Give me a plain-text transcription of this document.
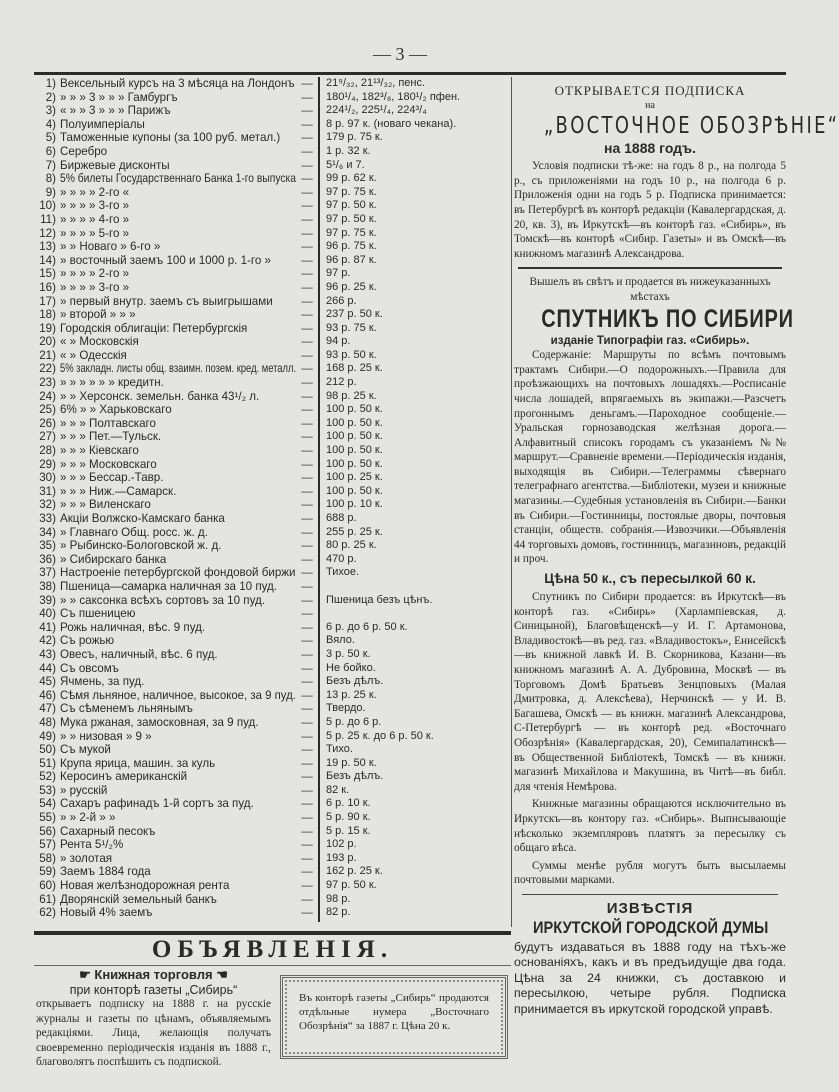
— 3 —
1) Вексельный курсъ на 3 мѣсяца на Лондонъ —	21⁹/₃₂, 21¹³/₃₂, пенс.
2) » » » 3 » » » Гамбургъ	—	180¹/₄, 182³/₈, 180¹/₂ пфен.
3) « » » 3 » » » Парижъ	—	224¹/₂, 225¹/₄, 224³/₄
4) Полуимперіалы	—	8 р. 97 к. (новаго чекана).
5) Таможенные купоны (за 100 руб. метал.)	—	179 р. 75 к.
6) Серебро	—	1 р. 32 к.
7) Биржевые дисконты	—	5¹/₆ и 7.
8) 5% билеты Государственнаго Банка 1-го выпуска —	99 р. 62 к.
9) » » » » 2-го «	—	97 р. 75 к.
10) » » » » 3-го »	—	97 р. 50 к.
11) » » » » 4-го »	—	97 р. 50 к.
12) » » » » 5-го »	—	97 р. 75 к.
13) » » Новаго » 6-го »	—	96 р. 75 к.
14) » восточный заемъ 100 и 1000 р. 1-го »	—	96 р. 87 к.
15) » » » » 2-го »	—	97 р.
16) » » » » 3-го »	—	96 р. 25 к.
17) » первый внутр. заемъ съ выигрышами	—	266 р.
18) » второй » » »	—	237 р. 50 к.
19) Городскія облигаціи: Петербургскія	—	93 р. 75 к.
20) « » Московскія	—	94 р.
21) « » Одесскія	—	93 р. 50 к.
22) 5% закладн. листы общ. взаимн. позем. кред. металл. —	168 р. 25 к.
23) » » » » » » кредитн.	—	212 р.
24) » » Херсонск. земельн. банка 43¹/₂ л.	—	98 р. 25 к.
25) 6% » » Харьковскаго	—	100 р. 50 к.
26) » » » Полтавскаго	—	100 р. 50 к.
27) » » » Пет.—Тульск.	—	100 р. 50 к.
28) » » » Кіевскаго	—	100 р. 50 к.
29) » » » Московскаго	—	100 р. 50 к.
30) » » » Бессар.-Тавр.	—	100 р. 25 к.
31) » » » Ниж.—Самарск.	—	100 р. 50 к.
32) » » » Виленскаго	—	100 р. 10 к.
33) Акціи Волжско-Камскаго банка	—	688 р.
34) » Главнаго Общ. росс. ж. д.	—	255 р. 25 к.
35) » Рыбинско-Бологовской ж. д.	—	80 р. 25 к.
36) » Сибирскаго банка	—	470 р.
37) Настроеніе петербургской фондовой биржи —	Тихое.
38) Пшеница—самарка наличная за 10 пуд.	—
39) » » саксонка всѣхъ сортовъ за 10 пуд.	—	Пшеница безъ цѣнъ.
40) Съ пшеницею	—
41) Рожь наличная, вѣс. 9 пуд.	—	6 р. до 6 р. 50 к.
42) Съ рожью	—	Вяло.
43) Овесъ, наличный, вѣс. 6 пуд.	—	3 р. 50 к.
44) Съ овсомъ	—	Не бойко.
45) Ячмень, за пуд.	—	Безъ дѣлъ.
46) Сѣмя льняное, наличное, высокое, за 9 пуд. —	13 р. 25 к.
47) Съ сѣменемъ льнянымъ	—	Твердо.
48) Мука ржаная, замосковная, за 9 пуд.	—	5 р. до 6 р.
49) » » низовая » 9 »	—	5 р. 25 к. до 6 р. 50 к.
50) Съ мукой	—	Тихо.
51) Крупа ярица, машин. за куль	—	19 р. 50 к.
52) Керосинъ американскій	—	Безъ дѣлъ.
53) » русскій	—	82 к.
54) Сахаръ рафинадъ 1-й сортъ за пуд.	—	6 р. 10 к.
55) » » 2-й » »	—	5 р. 90 к.
56) Сахарный песокъ	—	5 р. 15 к.
57) Рента 5¹/₂%	—	102 р.
58) » золотая	—	193 р.
59) Заемъ 1884 года	—	162 р. 25 к.
60) Новая желѣзнодорожная рента	—	97 р. 50 к.
61) Дворянскій земельный банкъ	—	98 р.
62) Новый 4% заемъ	—	82 р.
ОТКРЫВАЕТСЯ ПОДПИСКА
на
„ВОСТОЧНОЕ ОБОЗРѢНІЕ“
на 1888 годъ.

Условія подписки тѣ-же: на годъ 8 р., на полгода 5 р., съ приложеніями на годъ 10 р., на полгода 6 р. Приложенія одни на годъ 5 р. Подписка принимается: въ Петербургѣ въ конторѣ редакціи (Кавалергардская, д. 20, кв. 3), въ Иркутскѣ—въ конторѣ газ. «Сибирь», въ Томскѣ—въ конторѣ «Сибир. Газеты» и въ Омскѣ—въ книжномъ магазинѣ Александрова.

Вышелъ въ свѣтъ и продается въ нижеуказанныхъ мѣстахъ
СПУТНИКЪ ПО СИБИРИ
изданіе Типографіи газ. «Сибирь».

Содержаніе: Маршруты по всѣмъ почтовымъ трактамъ Сибири.—О подорожныхъ.—Правила для проѣзжающихъ на почтовыхъ лошадяхъ.—Росписаніе числа лошадей, впрягаемыхъ въ экипажи.—Разсчетъ прогоннымъ деньгамъ.—Пароходное сообщеніе.—Уральская горнозаводская желѣзная дорога.—Алфавитный списокъ городамъ съ указаніемъ №№ маршрут.—Сравненіе времени.—Періодическія изданія, выходящія въ Сибири.—Телеграммы сѣвернаго телеграфнаго агентства.—Библіотеки, музеи и книжные магазины.—Судебныя установленія въ Сибири.—Банки въ Сибири.—Гостинницы, постоялые дворы, почтовыя станціи, обществ. собранія.—Извозчики.—Объявленія 44 торговыхъ домовъ, гостинницъ, магазиновъ, редакцій и проч.

Цѣна 50 к., съ пересылкой 60 к.

Спутникъ по Сибири продается: въ Иркутскѣ—въ конторѣ газ. «Сибирь» (Харлампіевская, д. Синицыной), Благовѣщенскѣ—у И. Г. Артамонова, Владивостокѣ—въ ред. газ. «Владивостокъ», Енисейскѣ—въ книжной лавкѣ И. В. Скорникова, Казани—въ книжномъ магазинѣ А. А. Дубровина, Москвѣ — въ Торговомъ Домѣ Братьевъ Зенцповыхъ (Малая Дмитровка, д. Алексѣева), Нерчинскѣ — у И. В. Багашева, Омскѣ — въ книжн. магазинѣ Александрова, С-Петербургѣ — въ конторѣ ред. «Восточнаго Обозрѣнія» (Кавалергардская, 20), Семипалатинскѣ—въ Общественной Библіотекѣ, Томскѣ — въ книжн. магазинѣ Михайлова и Макушина, въ Читѣ—въ библ. для чтенія Немѣрова.

Книжные магазины обращаются исключительно въ Иркутскъ—въ контору газ. «Сибирь». Выписывающіе нѣсколько экземпляровъ платятъ за пересылку съ общаго вѣса.

Суммы менѣе рубля могутъ быть высылаемы почтовыми марками.

ИЗВѢСТІЯ
ИРКУТСКОЙ ГОРОДСКОЙ ДУМЫ

будутъ издаваться въ 1888 году на тѣхъ-же основаніяхъ, какъ и въ предъидущіе два года. Цѣна за 24 книжки, съ доставкою и пересылкою, четыре рубля. Подписка принимается въ иркутской городской управѣ.

ОБЪЯВЛЕНІЯ.
☛ Книжная торговля ☚
при конторѣ газеты „Сибирь“

открываетъ подписку на 1888 г. на русскіе журналы и газеты по цѣнамъ, объявляемымъ редакціями. Лица, желающія получать своевременно періодическія изданія въ 1888 г., благоволятъ поспѣшить съ подпиской.

Въ конторѣ газеты „Сибирь“ продаются отдѣльные нумера „Восточнаго Обозрѣнія“ за 1887 г. Цѣна 20 к.
